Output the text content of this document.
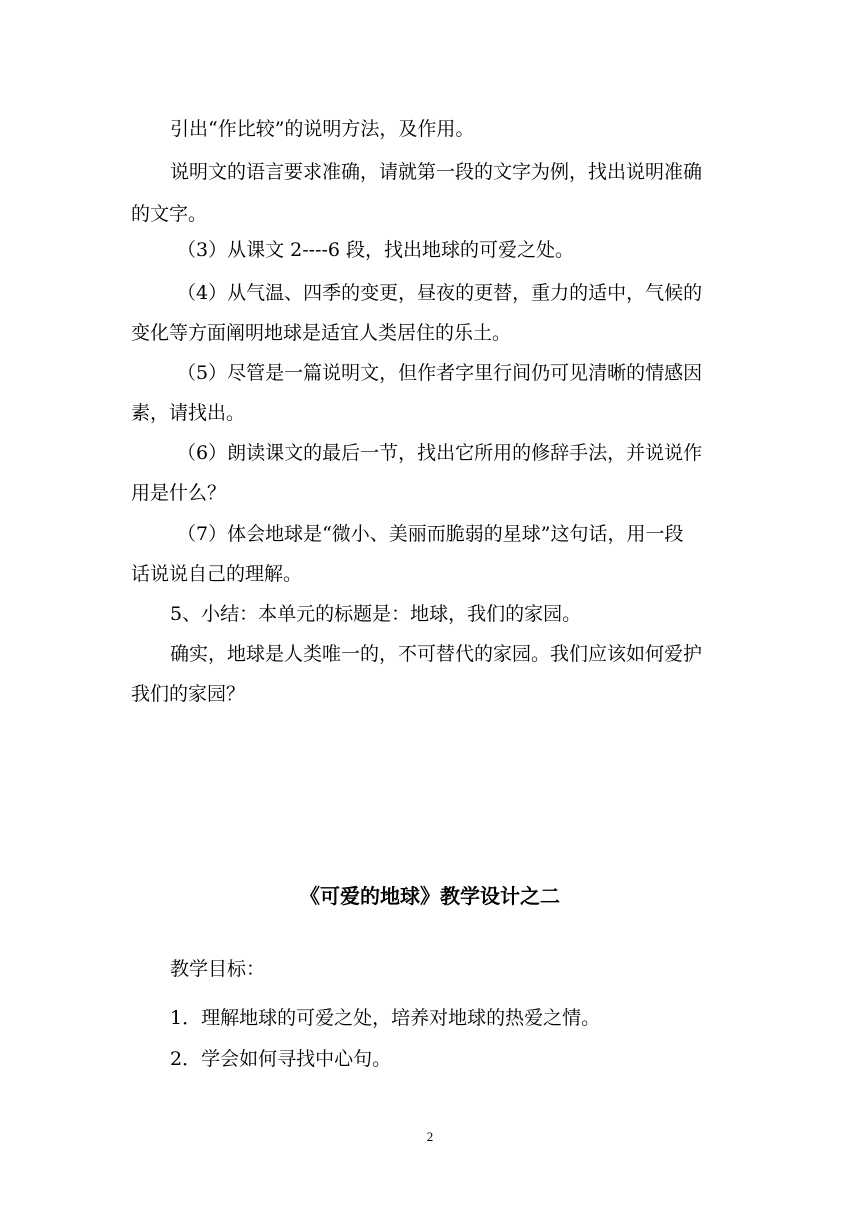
引出“作比较”的说明方法，及作用。
说明文的语言要求准确，请就第一段的文字为例，找出说明准确
的文字。
（3）从课文 2----6 段，找出地球的可爱之处。
（4）从气温、四季的变更，昼夜的更替，重力的适中，气候的
变化等方面阐明地球是适宜人类居住的乐土。
（5）尽管是一篇说明文，但作者字里行间仍可见清晰的情感因
素，请找出。
（6）朗读课文的最后一节，找出它所用的修辞手法，并说说作
用是什么？
（7）体会地球是“微小、美丽而脆弱的星球”这句话，用一段
话说说自己的理解。
5、小结：本单元的标题是：地球，我们的家园。
确实，地球是人类唯一的，不可替代的家园。我们应该如何爱护
我们的家园？
《可爱的地球》教学设计之二
教学目标：
1．理解地球的可爱之处，培养对地球的热爱之情。
2．学会如何寻找中心句。
2
